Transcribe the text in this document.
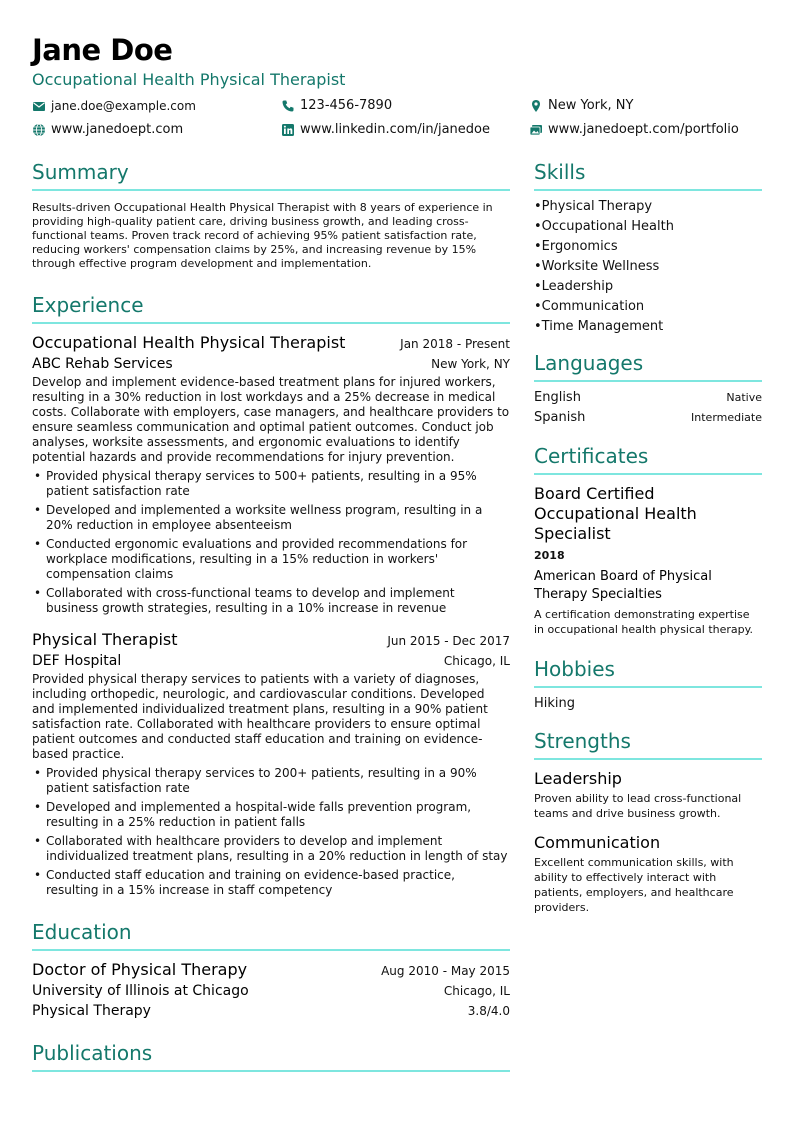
Jane Doe
Occupational Health Physical Therapist
jane.doe@example.com	123-456-7890	New York, NY
www.janedoept.com	www.linkedin.com/in/janedoe	www.janedoept.com/portfolio
Summary
Results-driven Occupational Health Physical Therapist with 8 years of experience in providing high-quality patient care, driving business growth, and leading cross-functional teams. Proven track record of achieving 95% patient satisfaction rate, reducing workers' compensation claims by 25%, and increasing revenue by 15% through effective program development and implementation.
Experience
Occupational Health Physical Therapist	Jan 2018 - Present
ABC Rehab Services	New York, NY
Develop and implement evidence-based treatment plans for injured workers, resulting in a 30% reduction in lost workdays and a 25% decrease in medical costs. Collaborate with employers, case managers, and healthcare providers to ensure seamless communication and optimal patient outcomes. Conduct job analyses, worksite assessments, and ergonomic evaluations to identify potential hazards and provide recommendations for injury prevention.
• Provided physical therapy services to 500+ patients, resulting in a 95% patient satisfaction rate
• Developed and implemented a worksite wellness program, resulting in a 20% reduction in employee absenteeism
• Conducted ergonomic evaluations and provided recommendations for workplace modifications, resulting in a 15% reduction in workers' compensation claims
• Collaborated with cross-functional teams to develop and implement business growth strategies, resulting in a 10% increase in revenue
Physical Therapist	Jun 2015 - Dec 2017
DEF Hospital	Chicago, IL
Provided physical therapy services to patients with a variety of diagnoses, including orthopedic, neurologic, and cardiovascular conditions. Developed and implemented individualized treatment plans, resulting in a 90% patient satisfaction rate. Collaborated with healthcare providers to ensure optimal patient outcomes and conducted staff education and training on evidence-based practice.
• Provided physical therapy services to 200+ patients, resulting in a 90% patient satisfaction rate
• Developed and implemented a hospital-wide falls prevention program, resulting in a 25% reduction in patient falls
• Collaborated with healthcare providers to develop and implement individualized treatment plans, resulting in a 20% reduction in length of stay
• Conducted staff education and training on evidence-based practice, resulting in a 15% increase in staff competency
Education
Doctor of Physical Therapy	Aug 2010 - May 2015
University of Illinois at Chicago	Chicago, IL
Physical Therapy	3.8/4.0
Publications
Skills
• Physical Therapy
• Occupational Health
• Ergonomics
• Worksite Wellness
• Leadership
• Communication
• Time Management
Languages
English	Native
Spanish	Intermediate
Certificates
Board Certified Occupational Health Specialist
2018
American Board of Physical Therapy Specialties
A certification demonstrating expertise in occupational health physical therapy.
Hobbies
Hiking
Strengths
Leadership
Proven ability to lead cross-functional teams and drive business growth.
Communication
Excellent communication skills, with ability to effectively interact with patients, employers, and healthcare providers.
